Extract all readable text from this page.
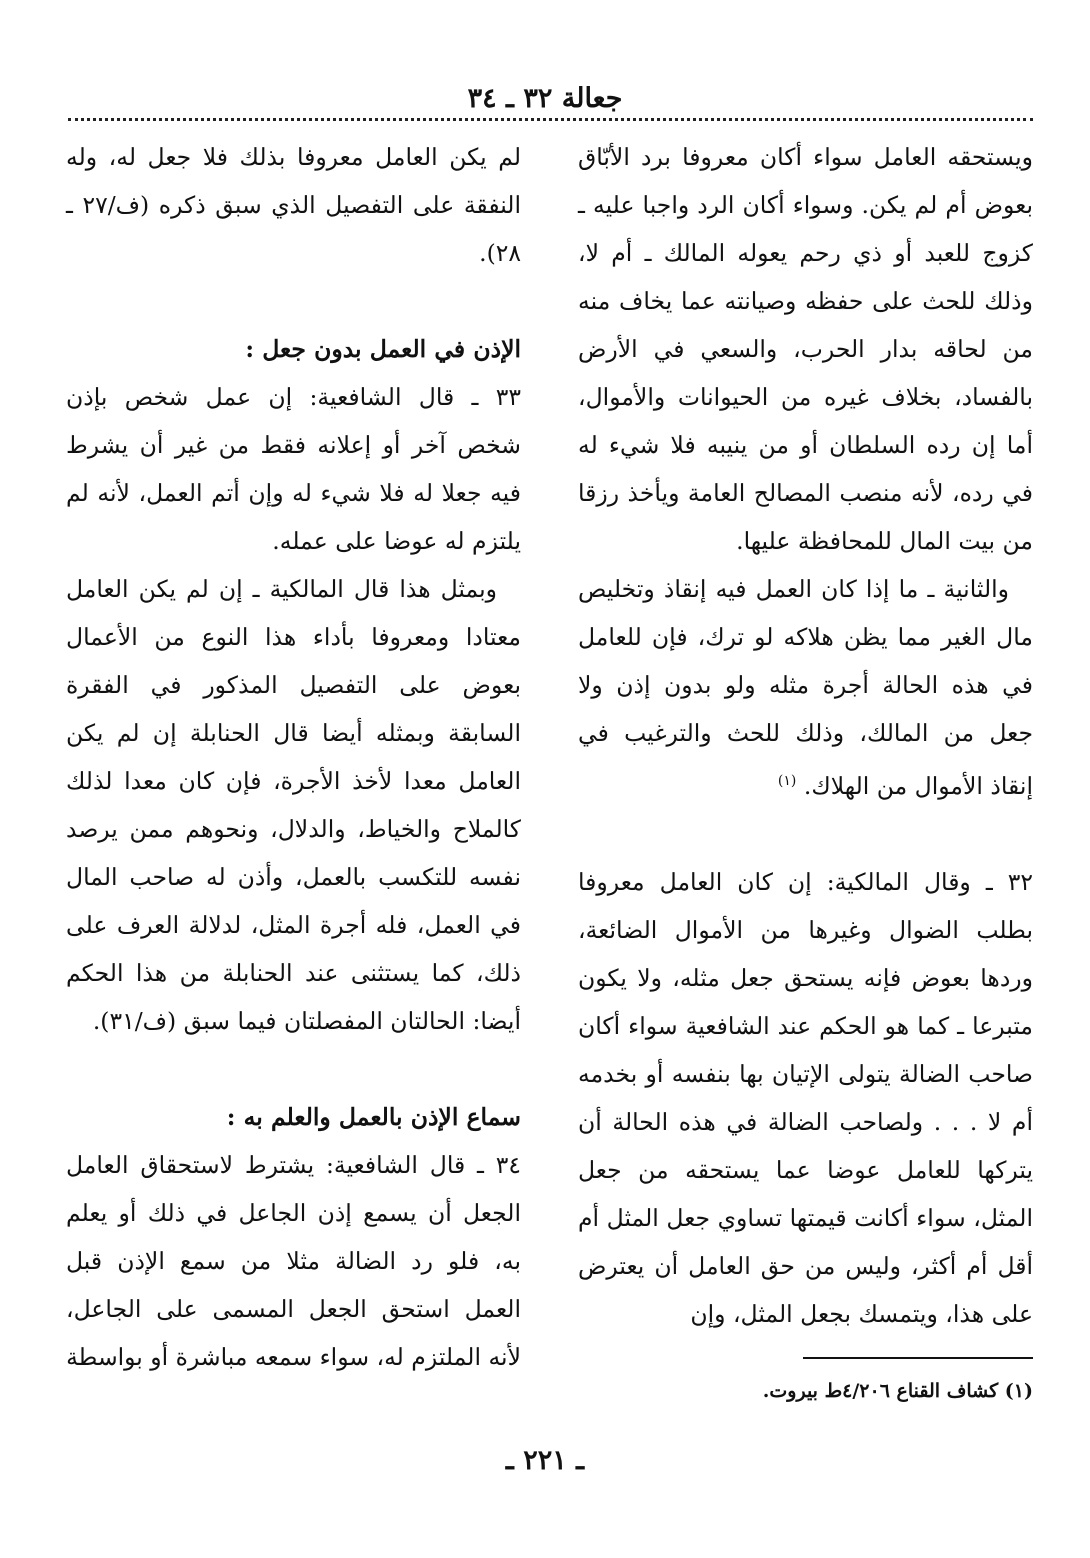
جعالة ٣٢ ـ ٣٤

ويستحقه العامل سواء أكان معروفا برد الأبّاق بعوض أم لم يكن. وسواء أكان الرد واجبا عليه ـ كزوج للعبد أو ذي رحم يعوله المالك ـ أم لا، وذلك للحث على حفظه وصيانته عما يخاف منه من لحاقه بدار الحرب، والسعي في الأرض بالفساد، بخلاف غيره من الحيوانات والأموال، أما إن رده السلطان أو من ينيبه فلا شيء له في رده، لأنه منصب المصالح العامة ويأخذ رزقا من بيت المال للمحافظة عليها.

والثانية ـ ما إذا كان العمل فيه إنقاذ وتخليص مال الغير مما يظن هلاكه لو ترك، فإن للعامل في هذه الحالة أجرة مثله ولو بدون إذن ولا جعل من المالك، وذلك للحث والترغيب في إنقاذ الأموال من الهلاك. $^{(١)}$

٣٢ ـ وقال المالكية: إن كان العامل معروفا بطلب الضوال وغيرها من الأموال الضائعة، وردها بعوض فإنه يستحق جعل مثله، ولا يكون متبرعا ـ كما هو الحكم عند الشافعية سواء أكان صاحب الضالة يتولى الإتيان بها بنفسه أو بخدمه أم لا . . . ولصاحب الضالة في هذه الحالة أن يتركها للعامل عوضا عما يستحقه من جعل المثل، سواء أكانت قيمتها تساوي جعل المثل أم أقل أم أكثر، وليس من حق العامل أن يعترض على هذا، ويتمسك بجعل المثل، وإن

لم يكن العامل معروفا بذلك فلا جعل له، وله النفقة على التفصيل الذي سبق ذكره (ف/٢٧ ـ ٢٨).

الإذن في العمل بدون جعل :

٣٣ ـ قال الشافعية: إن عمل شخص بإذن شخص آخر أو إعلانه فقط من غير أن يشرط فيه جعلا له فلا شيء له وإن أتم العمل، لأنه لم يلتزم له عوضا على عمله.

وبمثل هذا قال المالكية ـ إن لم يكن العامل معتادا ومعروفا بأداء هذا النوع من الأعمال بعوض على التفصيل المذكور في الفقرة السابقة وبمثله أيضا قال الحنابلة إن لم يكن العامل معدا لأخذ الأجرة، فإن كان معدا لذلك كالملاح والخياط، والدلال، ونحوهم ممن يرصد نفسه للتكسب بالعمل، وأذن له صاحب المال في العمل، فله أجرة المثل، لدلالة العرف على ذلك، كما يستثنى عند الحنابلة من هذا الحكم أيضا: الحالتان المفصلتان فيما سبق (ف/٣١).

سماع الإذن بالعمل والعلم به :

٣٤ ـ قال الشافعية: يشترط لاستحقاق العامل الجعل أن يسمع إذن الجاعل في ذلك أو يعلم به، فلو رد الضالة مثلا من سمع الإذن قبل العمل استحق الجعل المسمى على الجاعل، لأنه الملتزم له، سواء سمعه مباشرة أو بواسطة

(١) كشاف القناع ٤/٢٠٦ط بيروت.
ـ ٢٢١ ـ
